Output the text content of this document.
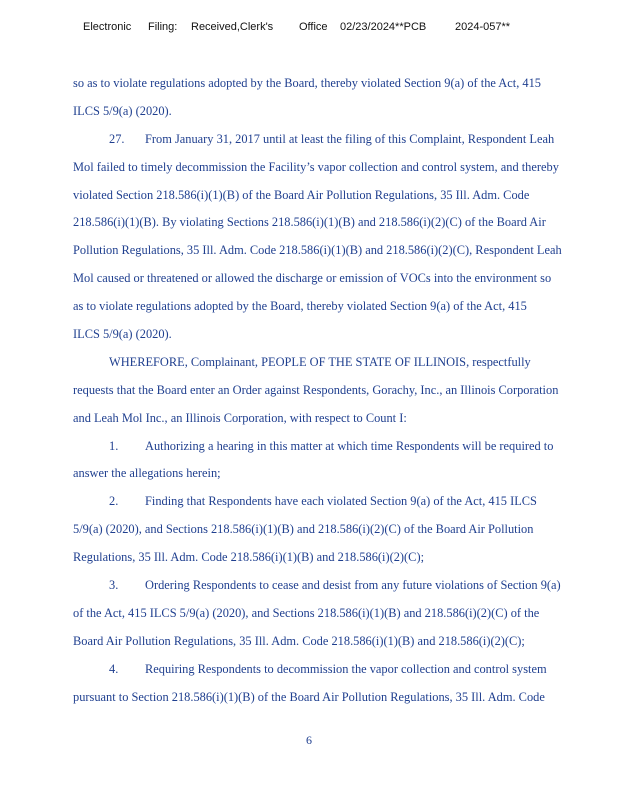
Electronic Filing: Received,Clerk's Office 02/23/2024**PCB	2024-057**
so as to violate regulations adopted by the Board, thereby violated Section 9(a) of the Act, 415
ILCS 5/9(a) (2020).
27. From January 31, 2017 until at least the filing of this Complaint, Respondent Leah
Mol failed to timely decommission the Facility’s vapor collection and control system, and thereby
violated Section 218.586(i)(1)(B) of the Board Air Pollution Regulations, 35 Ill. Adm. Code
218.586(i)(1)(B). By violating Sections 218.586(i)(1)(B) and 218.586(i)(2)(C) of the Board Air
Pollution Regulations, 35 Ill. Adm. Code 218.586(i)(1)(B) and 218.586(i)(2)(C), Respondent Leah
Mol caused or threatened or allowed the discharge or emission of VOCs into the environment so
as to violate regulations adopted by the Board, thereby violated Section 9(a) of the Act, 415
ILCS 5/9(a) (2020).
WHEREFORE, Complainant, PEOPLE OF THE STATE OF ILLINOIS, respectfully
requests that the Board enter an Order against Respondents, Gorachy, Inc., an Illinois Corporation
and Leah Mol Inc., an Illinois Corporation, with respect to Count I:
1. Authorizing a hearing in this matter at which time Respondents will be required to
answer the allegations herein;
2. Finding that Respondents have each violated Section 9(a) of the Act, 415 ILCS
5/9(a) (2020), and Sections 218.586(i)(1)(B) and 218.586(i)(2)(C) of the Board Air Pollution
Regulations, 35 Ill. Adm. Code 218.586(i)(1)(B) and 218.586(i)(2)(C);
3. Ordering Respondents to cease and desist from any future violations of Section 9(a)
of the Act, 415 ILCS 5/9(a) (2020), and Sections 218.586(i)(1)(B) and 218.586(i)(2)(C) of the
Board Air Pollution Regulations, 35 Ill. Adm. Code 218.586(i)(1)(B) and 218.586(i)(2)(C);
4. Requiring Respondents to decommission the vapor collection and control system
pursuant to Section 218.586(i)(1)(B) of the Board Air Pollution Regulations, 35 Ill. Adm. Code
6
